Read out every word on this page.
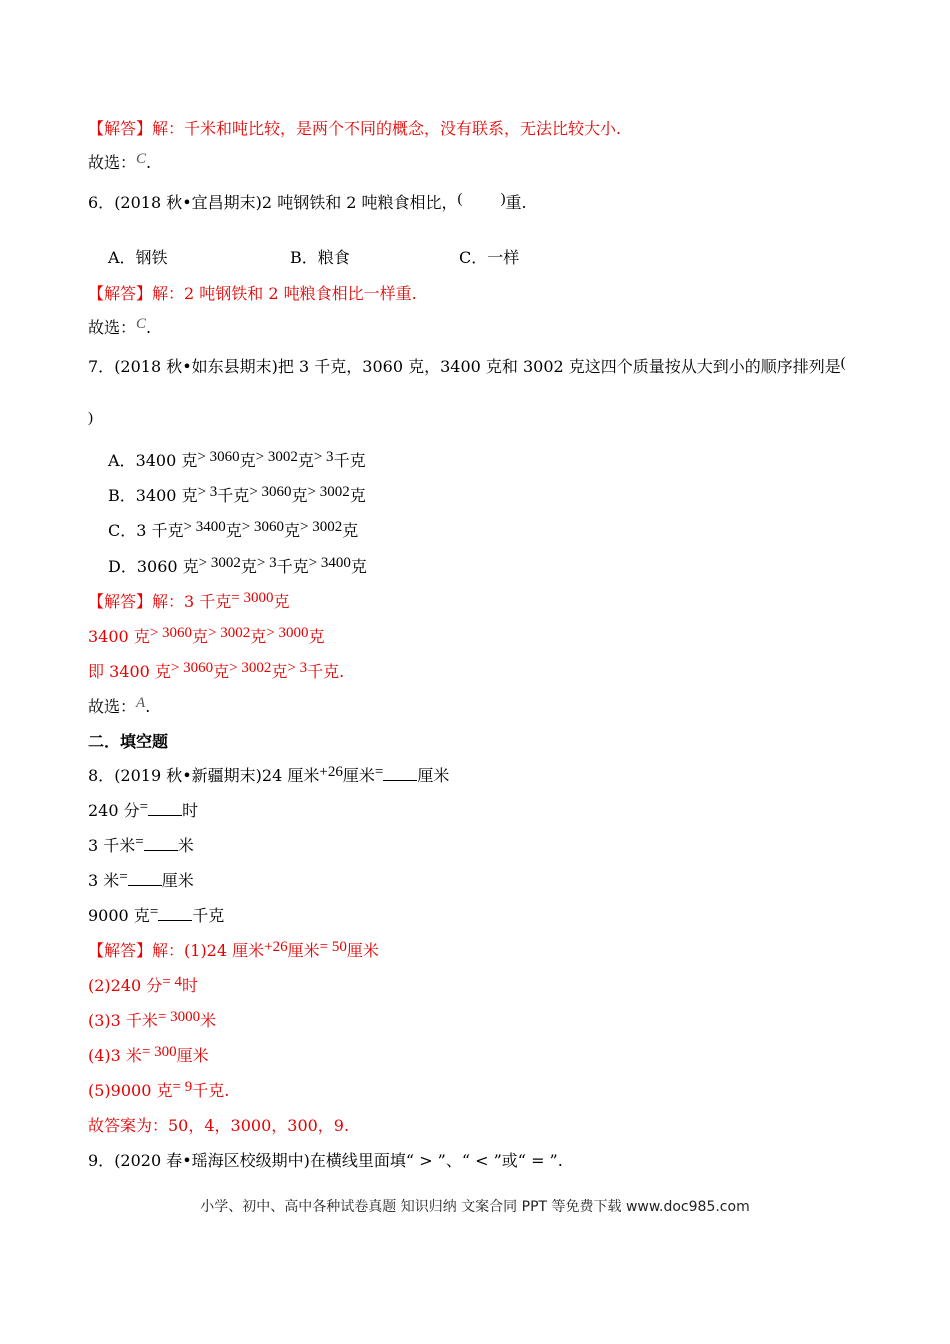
【解答】解：千米和吨比较，是两个不同的概念，没有联系，无法比较大小.
故选：C.
6．(2018 秋•宜昌期末)2 吨钢铁和 2 吨粮食相比，(	)重.
A．钢铁	B．粮食	C．一样
【解答】解：2 吨钢铁和 2 吨粮食相比一样重.
故选：C.
7．(2018 秋•如东县期末)把 3 千克，3060 克，3400 克和 3002 克这四个质量按从大到小的顺序排列是(
)
A．3400 克> 3060克> 3002克> 3千克
B．3400 克> 3千克> 3060克> 3002克
C．3 千克> 3400克> 3060克> 3002克
D．3060 克> 3002克> 3千克> 3400克
【解答】解：3 千克= 3000克
3400 克> 3060克> 3002克> 3000克
即 3400 克> 3060克> 3002克> 3千克.
故选：A.
二．填空题
8．(2019 秋•新疆期末)24 厘米+26厘米= 厘米
240 分= 时
3 千米= 米
3 米= 厘米
9000 克= 千克
【解答】解：(1)24 厘米+26厘米= 50厘米
(2)240 分= 4时
(3)3 千米= 3000米
(4)3 米= 300厘米
(5)9000 克= 9千克.
故答案为：50，4，3000，300，9.
9．(2020 春•瑶海区校级期中)在横线里面填“ > ”、“ < ”或“ = ”.
小学、初中、高中各种试卷真题 知识归纳 文案合同 PPT 等免费下载 www.doc985.com
